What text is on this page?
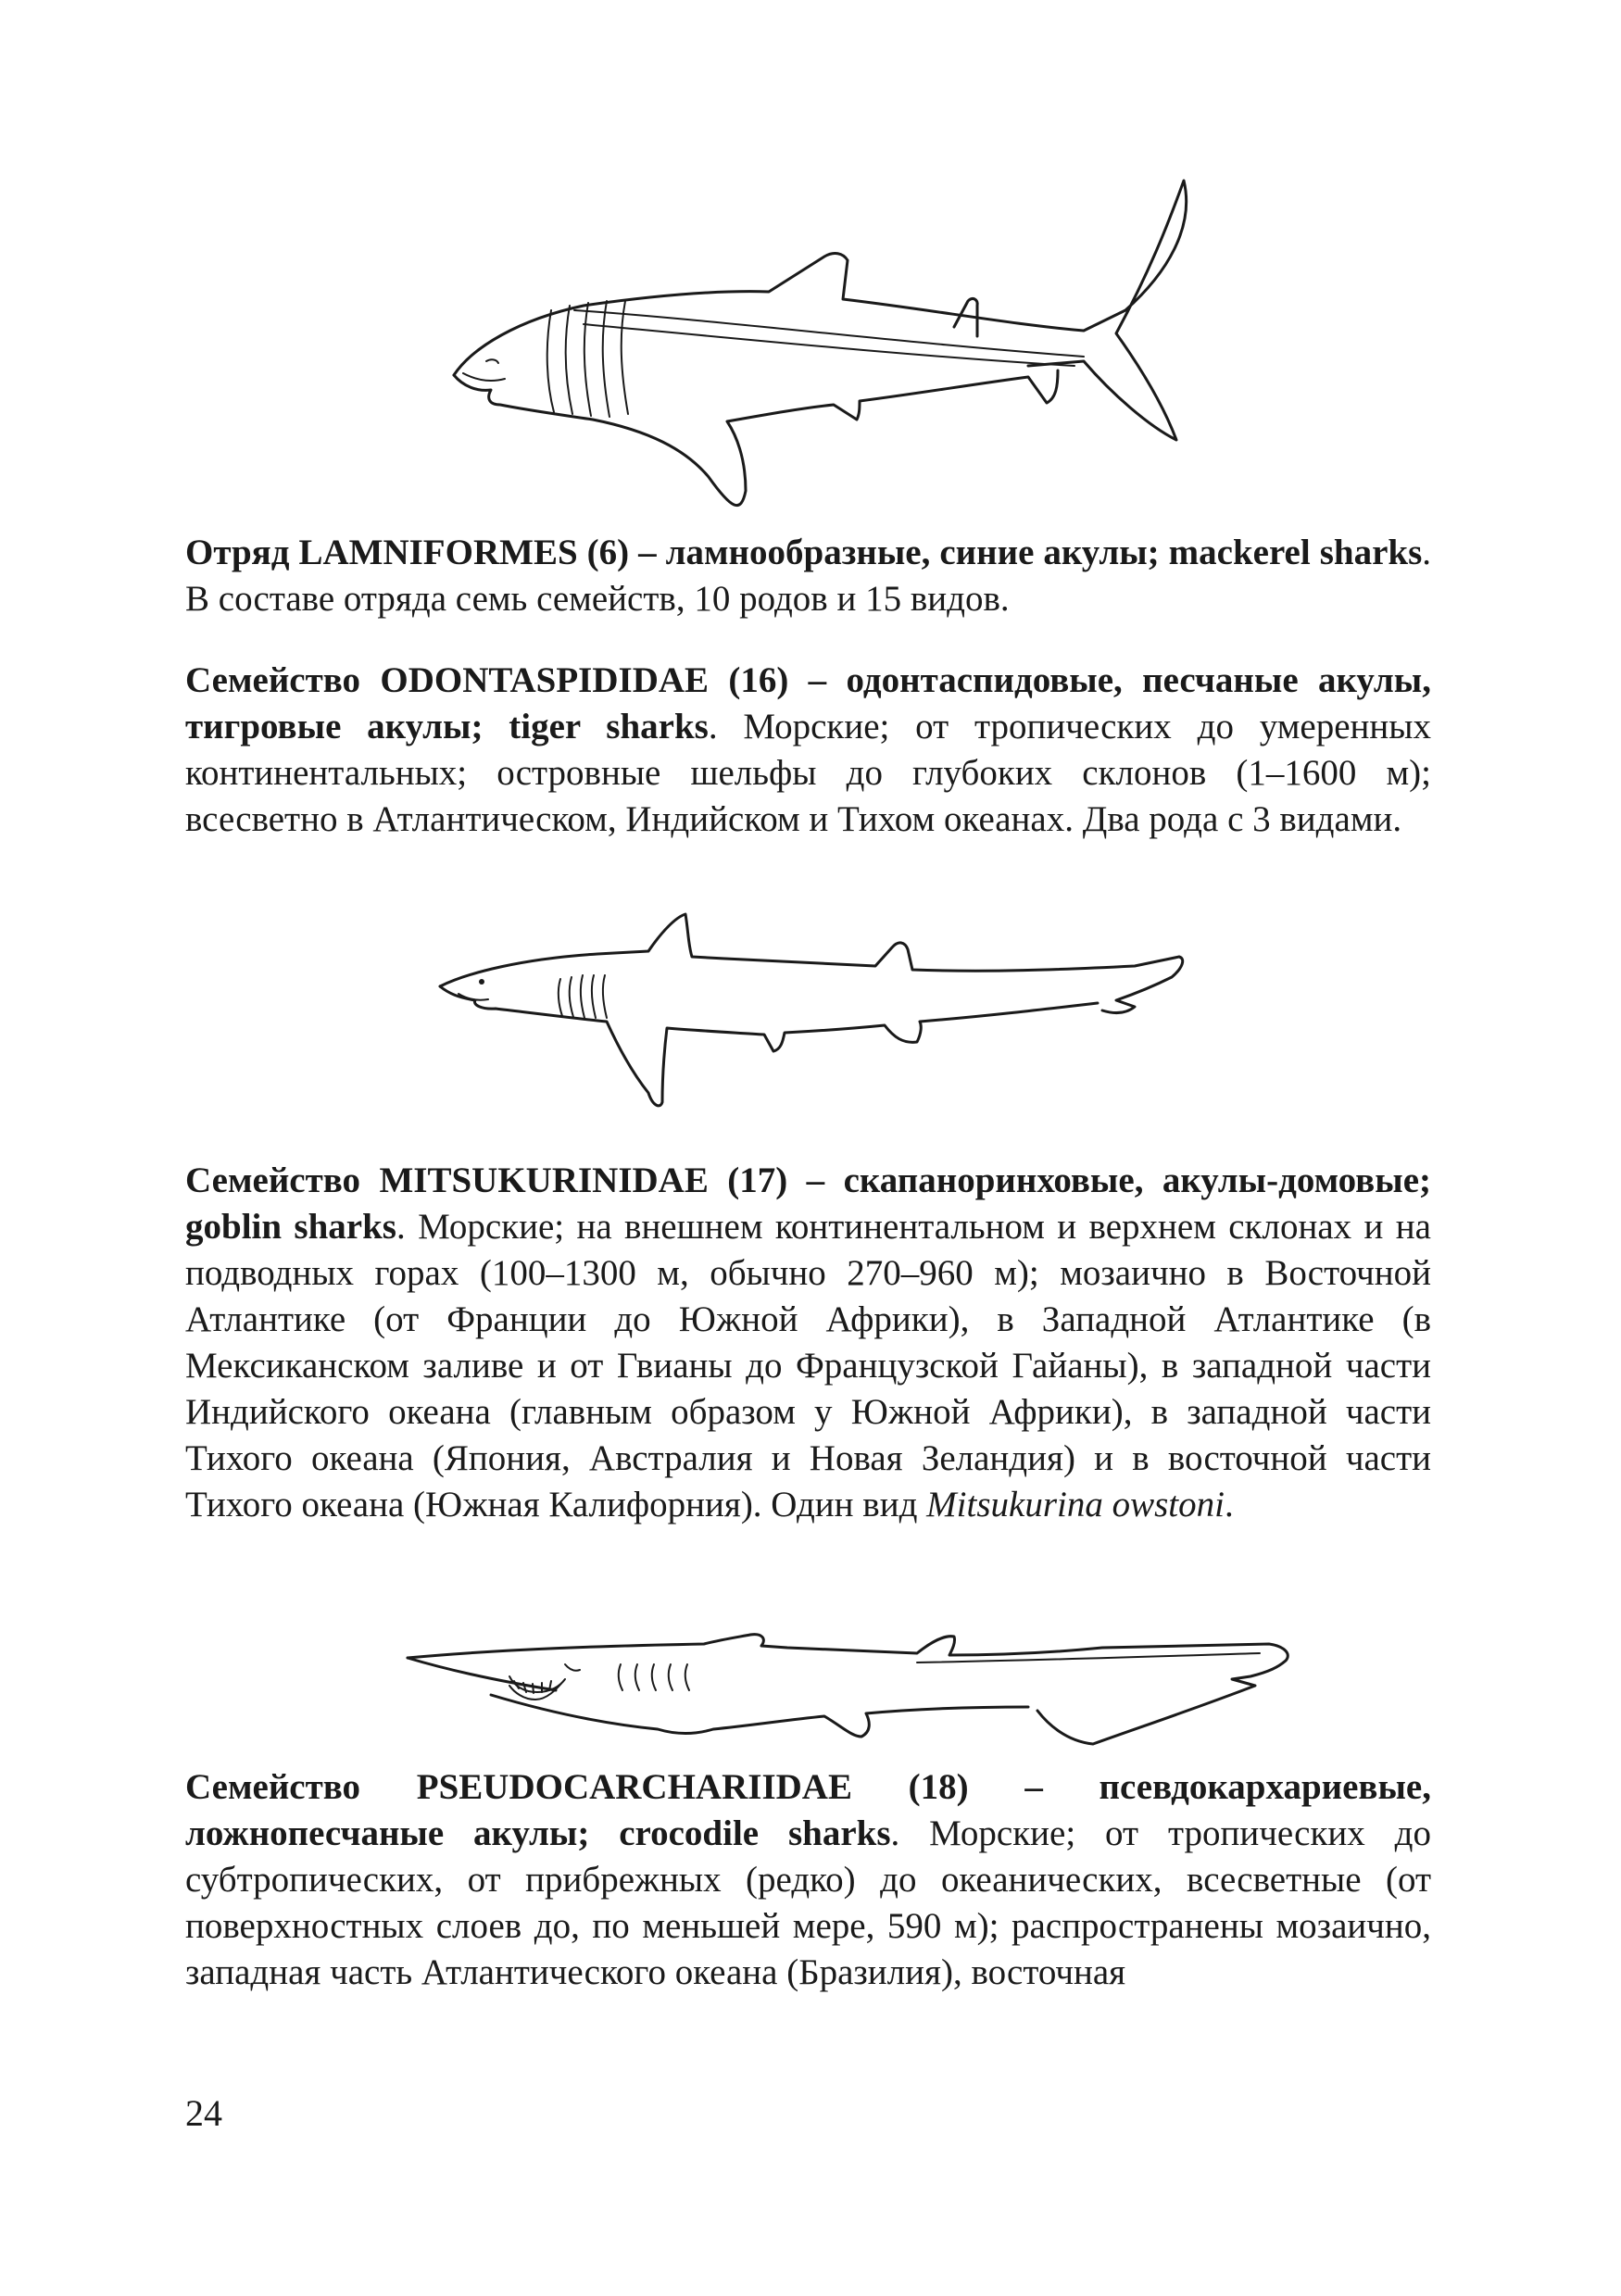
Отряд LAMNIFORMES (6) – ламнообразные, синие акулы; mackerel sharks. В составе отряда семь семейств, 10 родов и 15 видов.

Семейство ODONTASPIDIDAE (16) – одонтаспидовые, песчаные акулы, тигровые акулы; tiger sharks. Морские; от тропических до умеренных континентальных; островные шельфы до глубоких склонов (1–1600 м); всесветно в Атлантическом, Индийском и Тихом океанах. Два рода с 3 видами.

Семейство MITSUKURINIDAE (17) – скапаноринховые, акулы-домовые; goblin sharks. Морские; на внешнем континентальном и верхнем склонах и на подводных горах (100–1300 м, обычно 270–960 м); мозаично в Восточной Атлантике (от Франции до Южной Африки), в Западной Атлантике (в Мексиканском заливе и от Гвианы до Французской Гайаны), в западной части Индийского океана (главным образом у Южной Африки), в западной части Тихого океана (Япония, Австралия и Новая Зеландия) и в восточной части Тихого океана (Южная Калифорния). Один вид Mitsukurina owstoni.

Семейство PSEUDOCARCHARIIDAE (18) – псевдокархариевые, ложнопесчаные акулы; crocodile sharks. Морские; от тропических до субтропических, от прибрежных (редко) до океанических, всесветные (от поверхностных слоев до, по меньшей мере, 590 м); распространены мозаично, западная часть Атлантического океана (Бразилия), восточная

24
